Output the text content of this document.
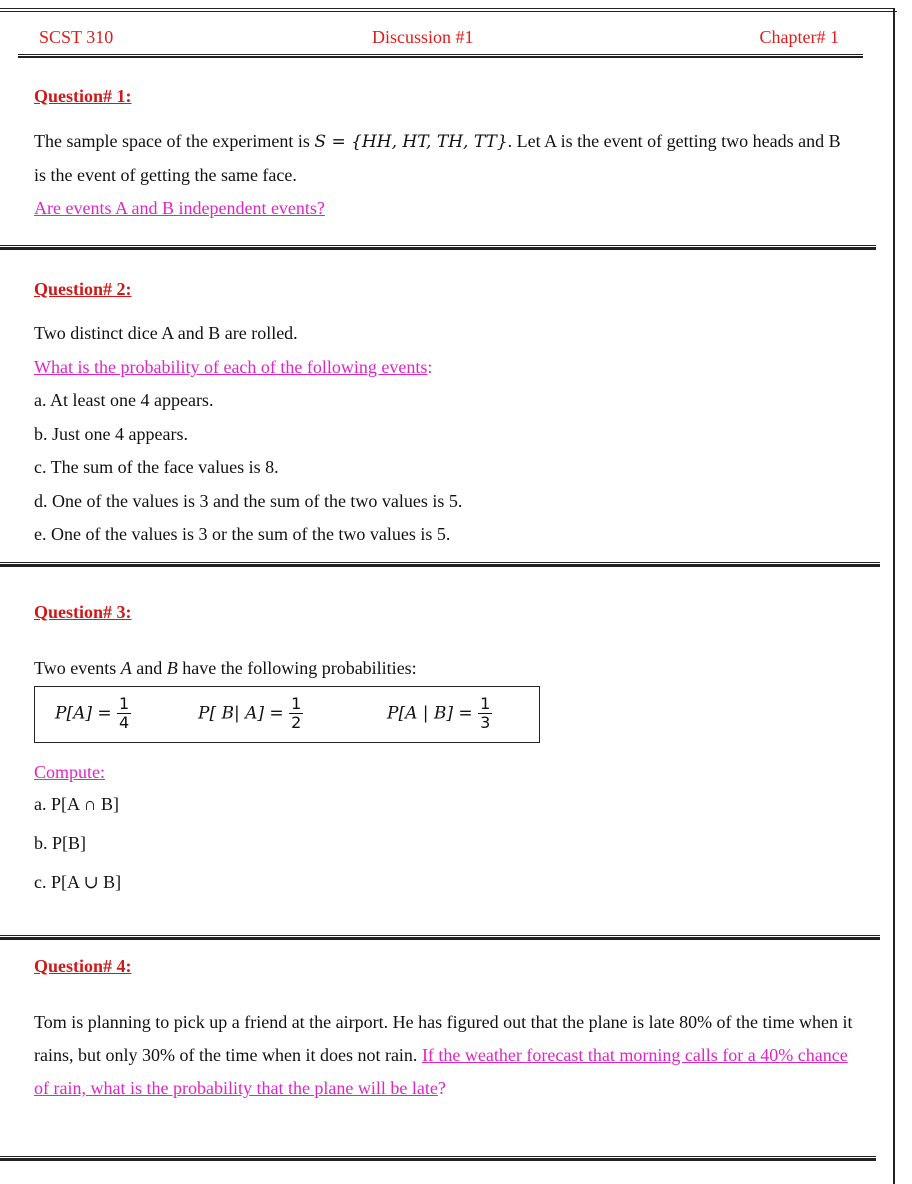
SCST 310	Discussion #1	Chapter# 1
Question# 1:
The sample space of the experiment is S = {HH, HT, TH, TT}. Let A is the event of getting two heads and B is the event of getting the same face.
Are events A and B independent events?
Question# 2:
Two distinct dice A and B are rolled.
What is the probability of each of the following events:
a. At least one 4 appears.
b. Just one 4 appears.
c. The sum of the face values is 8.
d. One of the values is 3 and the sum of the two values is 5.
e. One of the values is 3 or the sum of the two values is 5.
Question# 3:
Two events A and B have the following probabilities:
$P[A] = \frac{1}{4}$	P[ B| $A] = \frac{1}{2}$	P[A | $B] = \frac{1}{3}$
Compute:
a. P[A ∩ B]
b. P[B]
c. P[A ∪ B]
Question# 4:
Tom is planning to pick up a friend at the airport. He has figured out that the plane is late 80% of the time when it rains, but only 30% of the time when it does not rain. If the weather forecast that morning calls for a 40% chance of rain, what is the probability that the plane will be late?
